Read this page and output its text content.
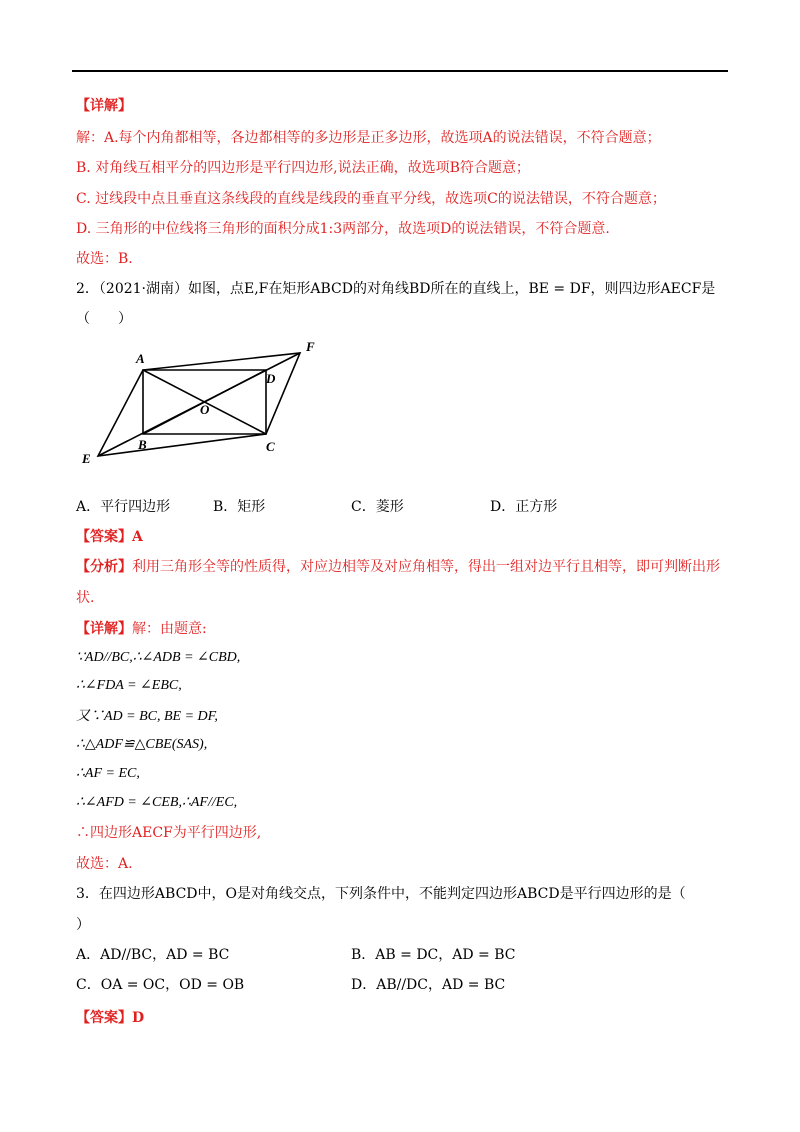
【详解】
解：A.每个内角都相等，各边都相等的多边形是正多边形，故选项A的说法错误，不符合题意；
B. 对角线互相平分的四边形是平行四边形,说法正确，故选项B符合题意；
C. 过线段中点且垂直这条线段的直线是线段的垂直平分线，故选项C的说法错误，不符合题意；
D. 三角形的中位线将三角形的面积分成1:3两部分，故选项D的说法错误，不符合题意.
故选：B.
2．（2021·湖南）如图，点E,F在矩形ABCD的对角线BD所在的直线上，BE = DF，则四边形AECF是
（　　）
A
B	C
D
E
F
O
A．平行四边形	B．矩形	C．菱形	D．正方形
【答案】A
【分析】利用三角形全等的性质得，对应边相等及对应角相等，得出一组对边平行且相等，即可判断出形
状.
【详解】解：由题意:
∵AD//BC,∴∠ADB = ∠CBD,
∴∠FDA = ∠EBC,
又∵AD = BC, BE = DF,
∴△ADF≌△CBE(SAS),
∴AF = EC,
∴∠AFD = ∠CEB,∴AF//EC,
∴四边形AECF为平行四边形,
故选：A.
3．在四边形ABCD中，O是对角线交点，下列条件中，不能判定四边形ABCD是平行四边形的是（
）
A．AD//BC，AD = BC	B．AB = DC，AD = BC
C．OA = OC，OD = OB	D．AB//DC，AD = BC
【答案】D
